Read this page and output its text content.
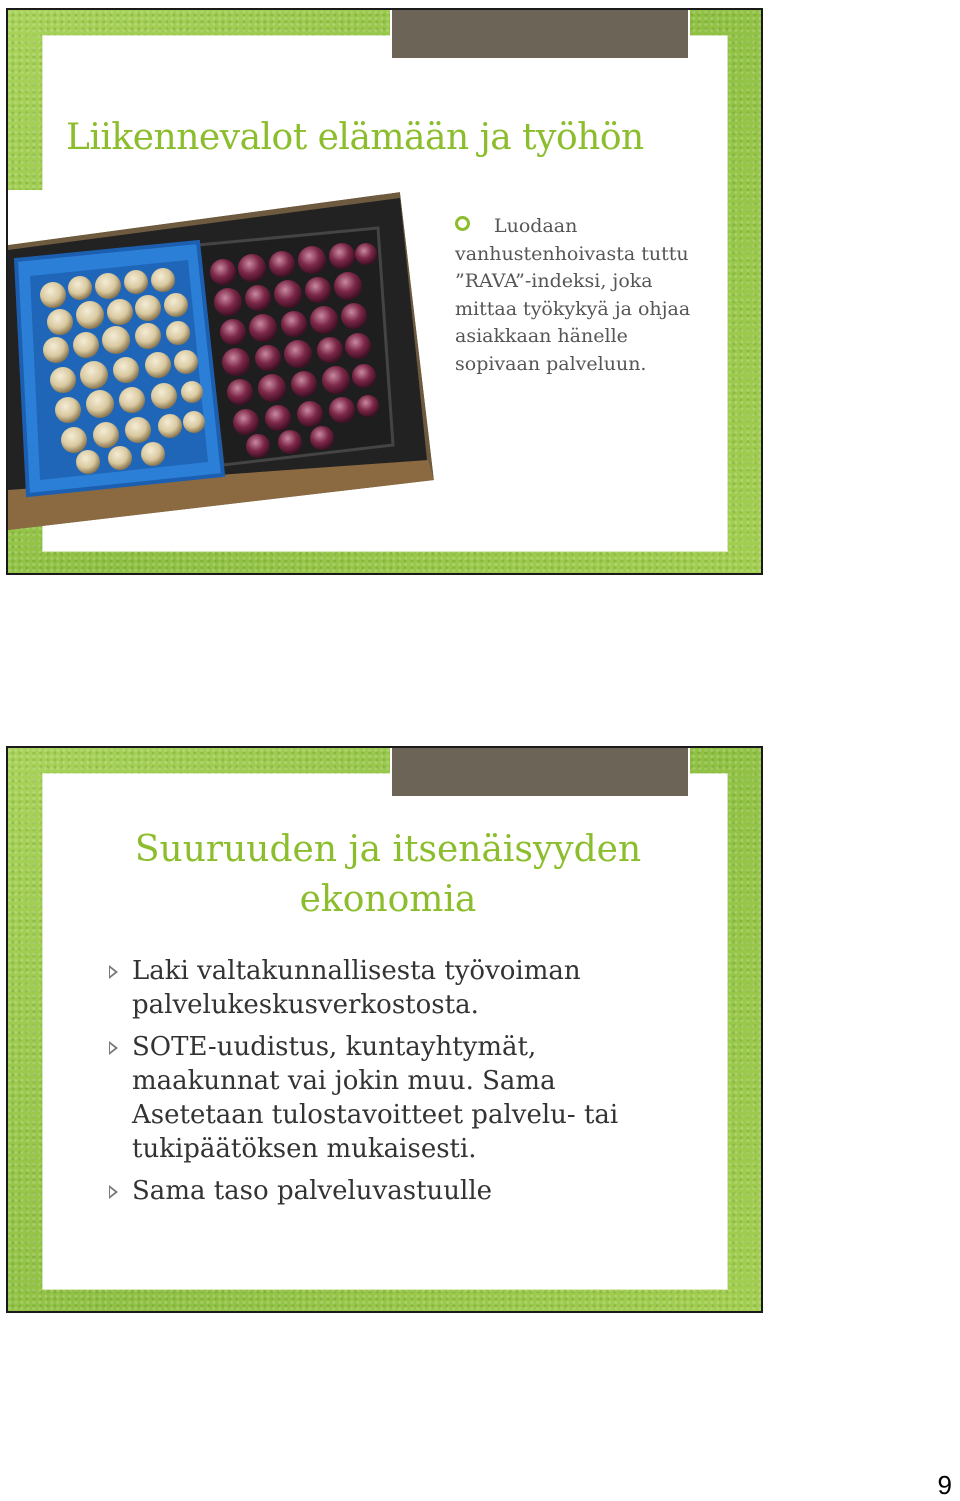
Liikennevalot elämään ja työhön
Luodaan
vanhustenhoivasta tuttu
”RAVA”-indeksi, joka
mittaa työkykyä ja ohjaa
asiakkaan hänelle
sopivaan palveluun.
Suuruuden ja itsenäisyyden
ekonomia
Laki valtakunnallisesta työvoiman
palvelukeskusverkostosta.
SOTE-uudistus, kuntayhtymät,
maakunnat vai jokin muu. Sama
Asetetaan tulostavoitteet palvelu- tai
tukipäätöksen mukaisesti.
Sama taso palveluvastuulle
9
